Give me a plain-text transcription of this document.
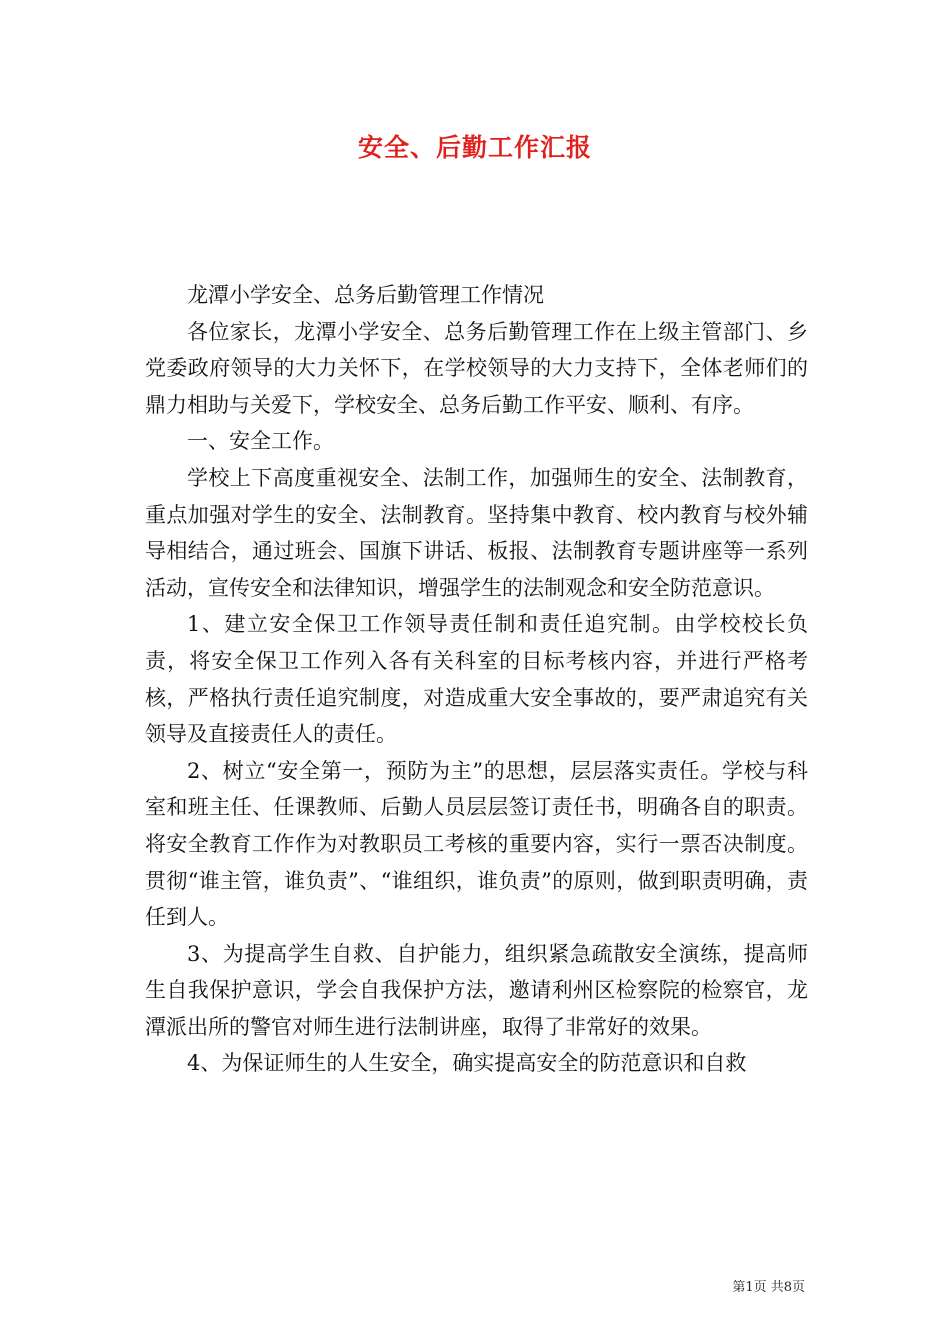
安全、后勤工作汇报

龙潭小学安全、总务后勤管理工作情况

各位家长，龙潭小学安全、总务后勤管理工作在上级主管部门、乡党委政府领导的大力关怀下，在学校领导的大力支持下，全体老师们的鼎力相助与关爱下，学校安全、总务后勤工作平安、顺利、有序。

一、安全工作。

学校上下高度重视安全、法制工作，加强师生的安全、法制教育，重点加强对学生的安全、法制教育。坚持集中教育、校内教育与校外辅导相结合，通过班会、国旗下讲话、板报、法制教育专题讲座等一系列活动，宣传安全和法律知识，增强学生的法制观念和安全防范意识。

1、建立安全保卫工作领导责任制和责任追究制。由学校校长负责，将安全保卫工作列入各有关科室的目标考核内容，并进行严格考核，严格执行责任追究制度，对造成重大安全事故的，要严肃追究有关领导及直接责任人的责任。

2、树立“安全第一，预防为主”的思想，层层落实责任。学校与科室和班主任、任课教师、后勤人员层层签订责任书，明确各自的职责。将安全教育工作作为对教职员工考核的重要内容，实行一票否决制度。贯彻“谁主管，谁负责”、“谁组织，谁负责”的原则，做到职责明确，责任到人。

3、为提高学生自救、自护能力，组织紧急疏散安全演练，提高师生自我保护意识，学会自我保护方法，邀请利州区检察院的检察官，龙潭派出所的警官对师生进行法制讲座，取得了非常好的效果。

4、为保证师生的人生安全，确实提高安全的防范意识和自救

第1页 共8页
